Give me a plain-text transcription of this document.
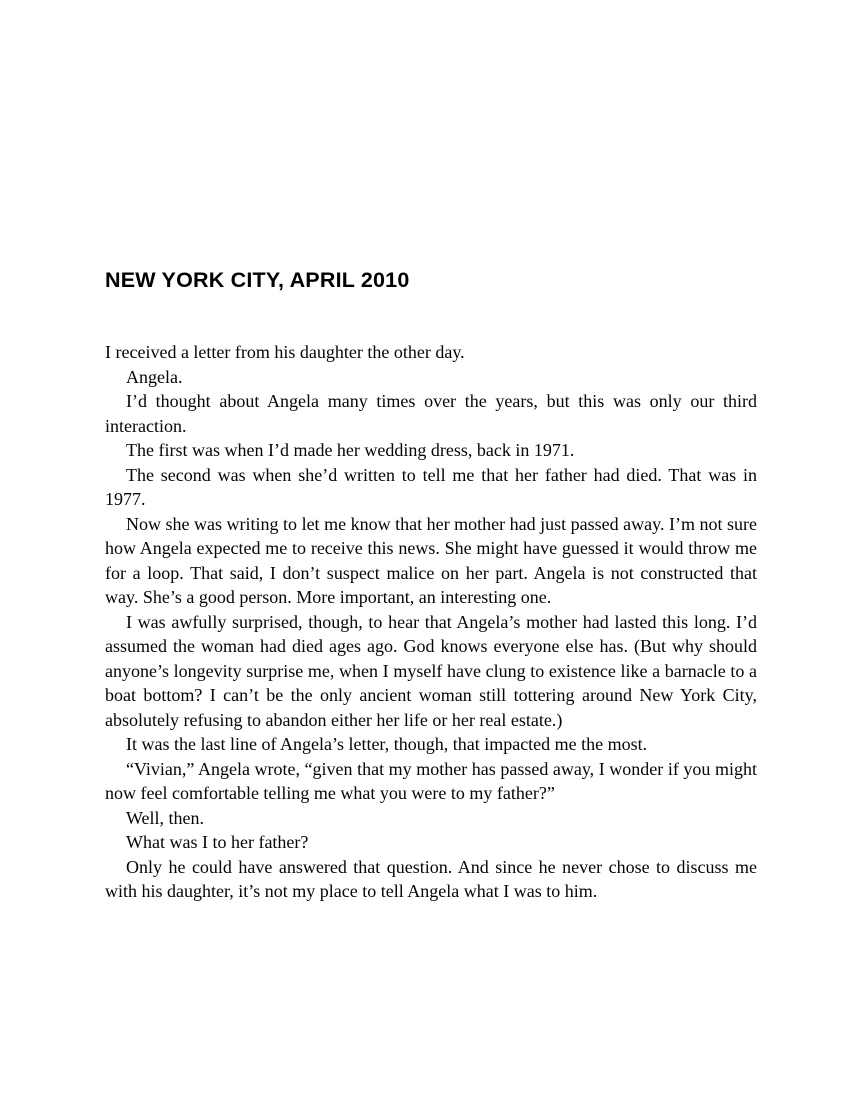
NEW YORK CITY, APRIL 2010

I received a letter from his daughter the other day.

Angela.

I’d thought about Angela many times over the years, but this was only our third interaction.

The first was when I’d made her wedding dress, back in 1971.

The second was when she’d written to tell me that her father had died. That was in 1977.

Now she was writing to let me know that her mother had just passed away. I’m not sure how Angela expected me to receive this news. She might have guessed it would throw me for a loop. That said, I don’t suspect malice on her part. Angela is not constructed that way. She’s a good person. More important, an interesting one.

I was awfully surprised, though, to hear that Angela’s mother had lasted this long. I’d assumed the woman had died ages ago. God knows everyone else has. (But why should anyone’s longevity surprise me, when I myself have clung to existence like a barnacle to a boat bottom? I can’t be the only ancient woman still tottering around New York City, absolutely refusing to abandon either her life or her real estate.)

It was the last line of Angela’s letter, though, that impacted me the most.

“Vivian,” Angela wrote, “given that my mother has passed away, I wonder if you might now feel comfortable telling me what you were to my father?”

Well, then.

What was I to her father?

Only he could have answered that question. And since he never chose to discuss me with his daughter, it’s not my place to tell Angela what I was to him.
